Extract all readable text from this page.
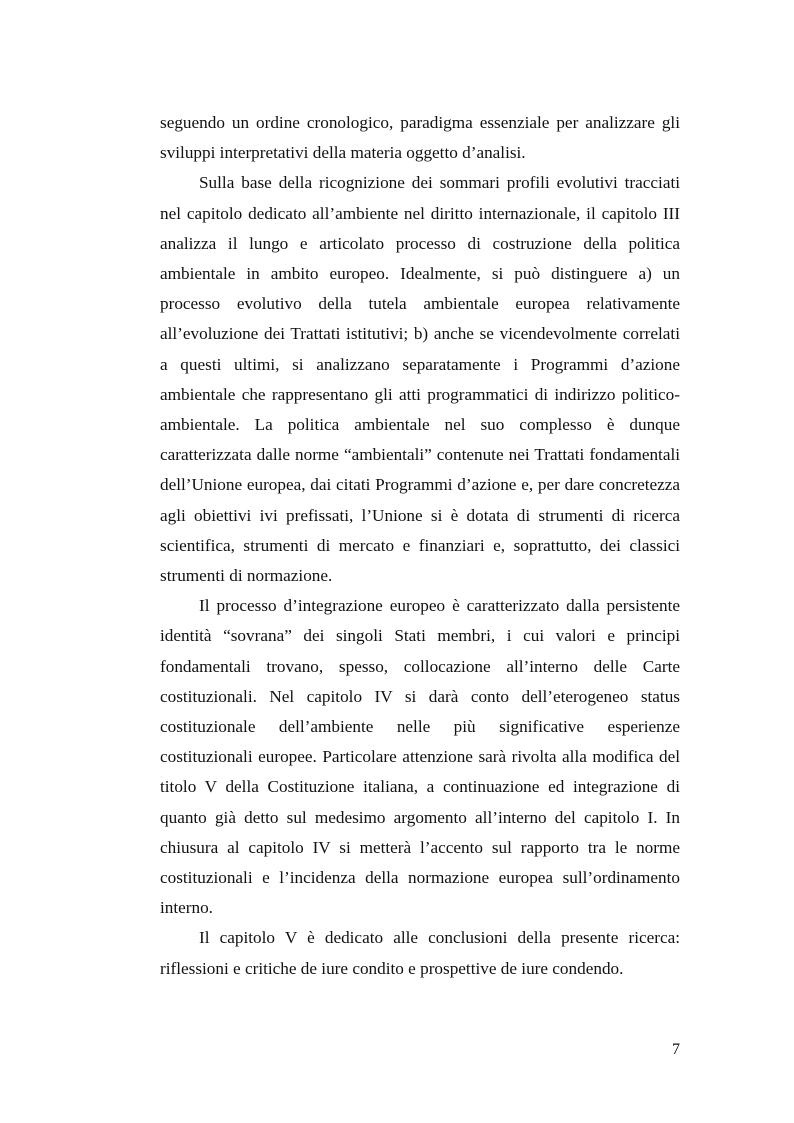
seguendo un ordine cronologico, paradigma essenziale per analizzare gli sviluppi interpretativi della materia oggetto d’analisi.

Sulla base della ricognizione dei sommari profili evolutivi tracciati nel capitolo dedicato all’ambiente nel diritto internazionale, il capitolo III analizza il lungo e articolato processo di costruzione della politica ambientale in ambito europeo. Idealmente, si può distinguere a) un processo evolutivo della tutela ambientale europea relativamente all’evoluzione dei Trattati istitutivi; b) anche se vicendevolmente correlati a questi ultimi, si analizzano separatamente i Programmi d’azione ambientale che rappresentano gli atti programmatici di indirizzo politico-ambientale. La politica ambientale nel suo complesso è dunque caratterizzata dalle norme “ambientali” contenute nei Trattati fondamentali dell’Unione europea, dai citati Programmi d’azione e, per dare concretezza agli obiettivi ivi prefissati, l’Unione si è dotata di strumenti di ricerca scientifica, strumenti di mercato e finanziari e, soprattutto, dei classici strumenti di normazione.

Il processo d’integrazione europeo è caratterizzato dalla persistente identità “sovrana” dei singoli Stati membri, i cui valori e principi fondamentali trovano, spesso, collocazione all’interno delle Carte costituzionali. Nel capitolo IV si darà conto dell’eterogeneo status costituzionale dell’ambiente nelle più significative esperienze costituzionali europee. Particolare attenzione sarà rivolta alla modifica del titolo V della Costituzione italiana, a continuazione ed integrazione di quanto già detto sul medesimo argomento all’interno del capitolo I. In chiusura al capitolo IV si metterà l’accento sul rapporto tra le norme costituzionali e l’incidenza della normazione europea sull’ordinamento interno.

Il capitolo V è dedicato alle conclusioni della presente ricerca: riflessioni e critiche de iure condito e prospettive de iure condendo.

7
